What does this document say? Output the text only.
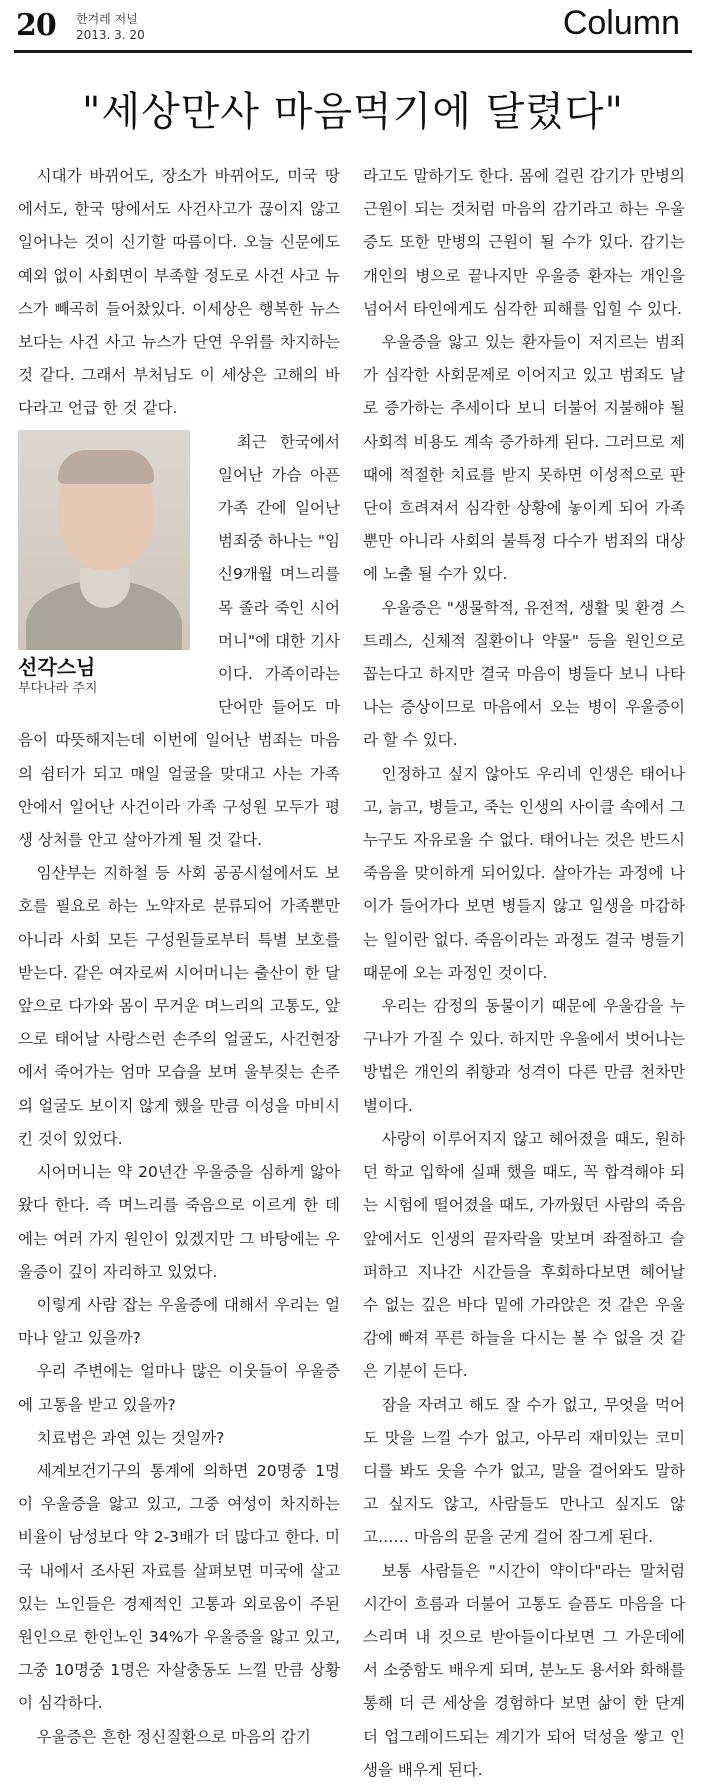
20 한겨레 저널
2013. 3. 20	Column
"세상만사 마음먹기에 달렸다"

시대가 바뀌어도, 장소가 바뀌어도, 미국 땅에서도, 한국 땅에서도 사건사고가 끊이지 않고 일어나는 것이 신기할 따름이다. 오늘 신문에도 예외 없이 사회면이 부족할 정도로 사건 사고 뉴스가 빼곡히 들어찼있다. 이세상은 행복한 뉴스보다는 사건 사고 뉴스가 단연 우위를 차지하는 것 같다. 그래서 부처님도 이 세상은 고해의 바다라고 언급 한 것 같다.

선각스님
부다나라 주지

최근 한국에서 일어난 가슴 아픈 가족 간에 일어난 범죄중 하나는 "임신9개월 며느리를 목 졸라 죽인 시어머니"에 대한 기사이다. 가족이라는 단어만 들어도 마음이 따뜻해지는데 이번에 일어난 범죄는 마음의 쉼터가 되고 매일 얼굴을 맞대고 사는 가족 안에서 일어난 사건이라 가족 구성원 모두가 평생 상처를 안고 살아가게 될 것 같다.

임산부는 지하철 등 사회 공공시설에서도 보호를 필요로 하는 노약자로 분류되어 가족뿐만 아니라 사회 모든 구성원들로부터 특별 보호를 받는다. 같은 여자로써 시어머니는 출산이 한 달 앞으로 다가와 몸이 무거운 며느리의 고통도, 앞으로 태어날 사랑스런 손주의 얼굴도, 사건현장에서 죽어가는 엄마 모습을 보며 울부짖는 손주의 얼굴도 보이지 않게 했을 만큼 이성을 마비시킨 것이 있었다.

시어머니는 약 20년간 우울증을 심하게 앓아 왔다 한다. 즉 며느리를 죽음으로 이르게 한 데에는 여러 가지 원인이 있겠지만 그 바탕에는 우울증이 깊이 자리하고 있었다.

이렇게 사람 잡는 우울증에 대해서 우리는 얼마나 알고 있을까?

우리 주변에는 얼마나 많은 이웃들이 우울증에 고통을 받고 있을까?

치료법은 과연 있는 것일까?

세계보건기구의 통계에 의하면 20명중 1명이 우울증을 앓고 있고, 그중 여성이 차지하는 비율이 남성보다 약 2-3배가 더 많다고 한다. 미국 내에서 조사된 자료를 살펴보면 미국에 살고 있는 노인들은 경제적인 고통과 외로움이 주된 원인으로 한인노인 34%가 우울증을 앓고 있고, 그중 10명중 1명은 자살충동도 느낄 만큼 상황이 심각하다.

우울증은 흔한 정신질환으로 마음의 감기

라고도 말하기도 한다. 몸에 걸린 감기가 만병의 근원이 되는 것처럼 마음의 감기라고 하는 우울증도 또한 만병의 근원이 될 수가 있다. 감기는 개인의 병으로 끝나지만 우울증 환자는 개인을 넘어서 타인에게도 심각한 피해를 입힐 수 있다.

우울증을 앓고 있는 환자들이 저지르는 범죄가 심각한 사회문제로 이어지고 있고 범죄도 날로 증가하는 추세이다 보니 더불어 지불해야 될 사회적 비용도 계속 증가하게 된다. 그러므로 제때에 적절한 치료를 받지 못하면 이성적으로 판단이 흐려져서 심각한 상황에 놓이게 되어 가족뿐만 아니라 사회의 불특정 다수가 범죄의 대상에 노출 될 수가 있다.

우울증은 "생물학적, 유전적, 생활 및 환경 스트레스, 신체적 질환이나 약물" 등을 원인으로 꼽는다고 하지만 결국 마음이 병들다 보니 나타나는 증상이므로 마음에서 오는 병이 우울증이라 할 수 있다.

인정하고 싶지 않아도 우리네 인생은 태어나고, 늙고, 병들고, 죽는 인생의 사이클 속에서 그 누구도 자유로울 수 없다. 태어나는 것은 반드시 죽음을 맞이하게 되어있다. 살아가는 과정에 나이가 들어가다 보면 병들지 않고 일생을 마감하는 일이란 없다. 죽음이라는 과정도 결국 병들기 때문에 오는 과정인 것이다.

우리는 감정의 동물이기 때문에 우울감을 누구나가 가질 수 있다. 하지만 우울에서 벗어나는 방법은 개인의 취향과 성격이 다른 만큼 천차만별이다.

사랑이 이루어지지 않고 헤어졌을 때도, 원하던 학교 입학에 실패 했을 때도, 꼭 합격해야 되는 시험에 떨어졌을 때도, 가까웠던 사람의 죽음 앞에서도 인생의 끝자락을 맞보며 좌절하고 슬퍼하고 지나간 시간들을 후회하다보면 헤어날 수 없는 깊은 바다 밑에 가라앉은 것 같은 우울감에 빠져 푸른 하늘을 다시는 볼 수 없을 것 같은 기분이 든다.

잠을 자려고 해도 잘 수가 없고, 무엇을 먹어도 맛을 느낄 수가 없고, 아무리 재미있는 코미디를 봐도 웃을 수가 없고, 말을 걸어와도 말하고 싶지도 않고, 사람들도 만나고 싶지도 않고…… 마음의 문을 굳게 걸어 잠그게 된다.

보통 사람들은 "시간이 약이다"라는 말처럼 시간이 흐름과 더불어 고통도 슬픔도 마음을 다스리며 내 것으로 받아들이다보면 그 가운데에서 소중함도 배우게 되며, 분노도 용서와 화해를 통해 더 큰 세상을 경험하다 보면 삶이 한 단계 더 업그레이드되는 계기가 되어 덕성을 쌓고 인생을 배우게 된다.
